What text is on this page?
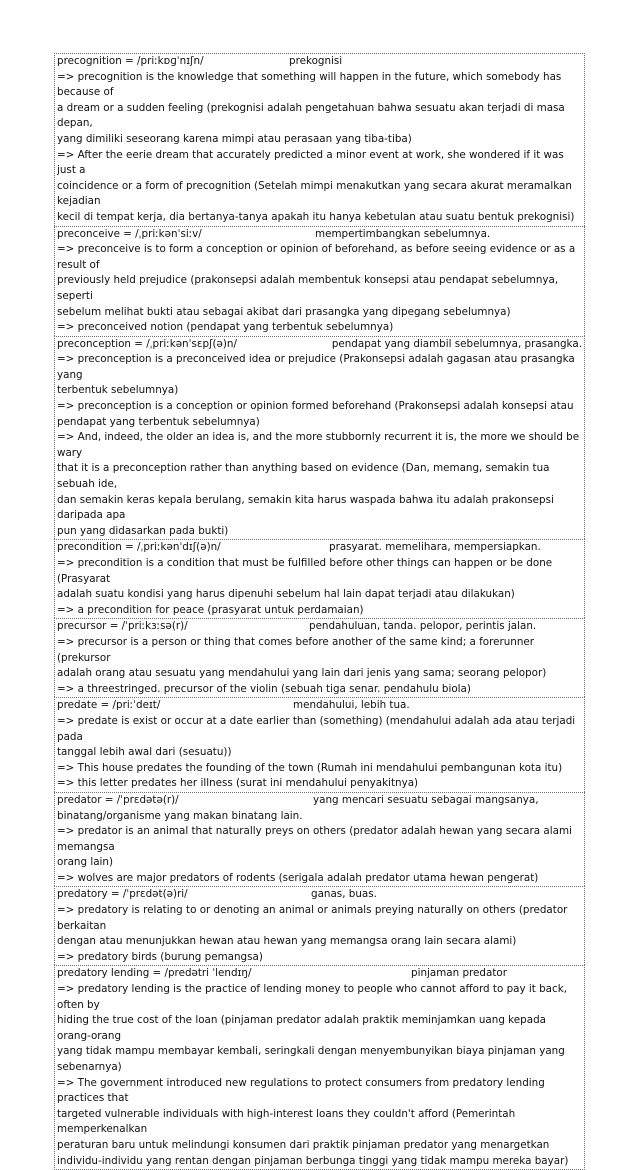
precognition = /priːkɒɡˈnɪʃn/	prekognisi
=> precognition is the knowledge that something will happen in the future, which somebody has because of
a dream or a sudden feeling (prekognisi adalah pengetahuan bahwa sesuatu akan terjadi di masa depan,
yang dimiliki seseorang karena mimpi atau perasaan yang tiba-tiba)
=> After the eerie dream that accurately predicted a minor event at work, she wondered if it was just a
coincidence or a form of precognition (Setelah mimpi menakutkan yang secara akurat meramalkan kejadian
kecil di tempat kerja, dia bertanya-tanya apakah itu hanya kebetulan atau suatu bentuk prekognisi)
preconceive = /ˌpriːkənˈsiːv/	mempertimbangkan sebelumnya.
=> preconceive is to form a conception or opinion of beforehand, as before seeing evidence or as a result of
previously held prejudice (prakonsepsi adalah membentuk konsepsi atau pendapat sebelumnya, seperti
sebelum melihat bukti atau sebagai akibat dari prasangka yang dipegang sebelumnya)
=> preconceived notion (pendapat yang terbentuk sebelumnya)
preconception = /ˌpriːkənˈsɛpʃ(ə)n/	pendapat yang diambil sebelumnya, prasangka.
=> preconception is a preconceived idea or prejudice (Prakonsepsi adalah gagasan atau prasangka yang
terbentuk sebelumnya)
=> preconception is a conception or opinion formed beforehand (Prakonsepsi adalah konsepsi atau
pendapat yang terbentuk sebelumnya)
=> And, indeed, the older an idea is, and the more stubbornly recurrent it is, the more we should be wary
that it is a preconception rather than anything based on evidence (Dan, memang, semakin tua sebuah ide,
dan semakin keras kepala berulang, semakin kita harus waspada bahwa itu adalah prakonsepsi daripada apa
pun yang didasarkan pada bukti)
precondition = /ˌpriːkənˈdɪʃ(ə)n/	prasyarat. memelihara, mempersiapkan.
=> precondition is a condition that must be fulfilled before other things can happen or be done (Prasyarat
adalah suatu kondisi yang harus dipenuhi sebelum hal lain dapat terjadi atau dilakukan)
=> a precondition for peace (prasyarat untuk perdamaian)
precursor = /ˈpriːkɜːsə(r)/	pendahuluan, tanda. pelopor, perintis jalan.
=> precursor is a person or thing that comes before another of the same kind; a forerunner (prekursor
adalah orang atau sesuatu yang mendahului yang lain dari jenis yang sama; seorang pelopor)
=> a threestringed. precursor of the violin (sebuah tiga senar. pendahulu biola)
predate = /priːˈdeɪt/	mendahului, lebih tua.
=> predate is exist or occur at a date earlier than (something) (mendahului adalah ada atau terjadi pada
tanggal lebih awal dari (sesuatu))
=> This house predates the founding of the town (Rumah ini mendahului pembangunan kota itu)
=> this letter predates her illness (surat ini mendahului penyakitnya)
predator = /ˈprɛdətə(r)/	yang mencari sesuatu sebagai mangsanya,
binatang/organisme yang makan binatang lain.
=> predator is an animal that naturally preys on others (predator adalah hewan yang secara alami memangsa
orang lain)
=> wolves are major predators of rodents (serigala adalah predator utama hewan pengerat)
predatory = /ˈprɛdət(ə)ri/	ganas, buas.
=> predatory is relating to or denoting an animal or animals preying naturally on others (predator berkaitan
dengan atau menunjukkan hewan atau hewan yang memangsa orang lain secara alami)
=> predatory birds (burung pemangsa)
predatory lending = /predətri ˈlendɪŋ/	pinjaman predator
=> predatory lending is the practice of lending money to people who cannot afford to pay it back, often by
hiding the true cost of the loan (pinjaman predator adalah praktik meminjamkan uang kepada orang-orang
yang tidak mampu membayar kembali, seringkali dengan menyembunyikan biaya pinjaman yang
sebenarnya)
=> The government introduced new regulations to protect consumers from predatory lending practices that
targeted vulnerable individuals with high-interest loans they couldn't afford (Pemerintah memperkenalkan
peraturan baru untuk melindungi konsumen dari praktik pinjaman predator yang menargetkan
individu-individu yang rentan dengan pinjaman berbunga tinggi yang tidak mampu mereka bayar)
